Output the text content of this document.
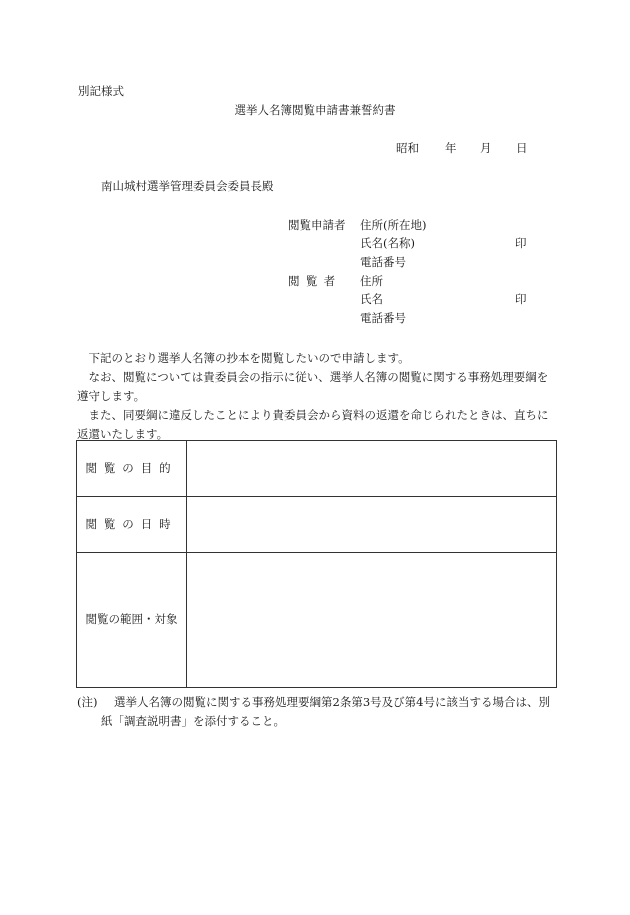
別記様式
選挙人名簿閲覧申請書兼誓約書
昭和 年 月 日
南山城村選挙管理委員会委員長殿
閲覧申請者 住所(所在地)
氏名(名称)	印
電話番号
閲覧者 住所
氏名	印
電話番号

下記のとおり選挙人名簿の抄本を閲覧したいので申請します。

なお、閲覧については貴委員会の指示に従い、選挙人名簿の閲覧に関する事務処理要綱を遵守します。

また、同要綱に違反したことにより貴委員会から資料の返還を命じられたときは、直ちに返還いたします。

閲覧の目的	
閲覧の日時	
閲覧の範囲・対象	
(注) 選挙人名簿の閲覧に関する事務処理要綱第2条第3号及び第4号に該当する場合は、別
紙「調査説明書」を添付すること。
